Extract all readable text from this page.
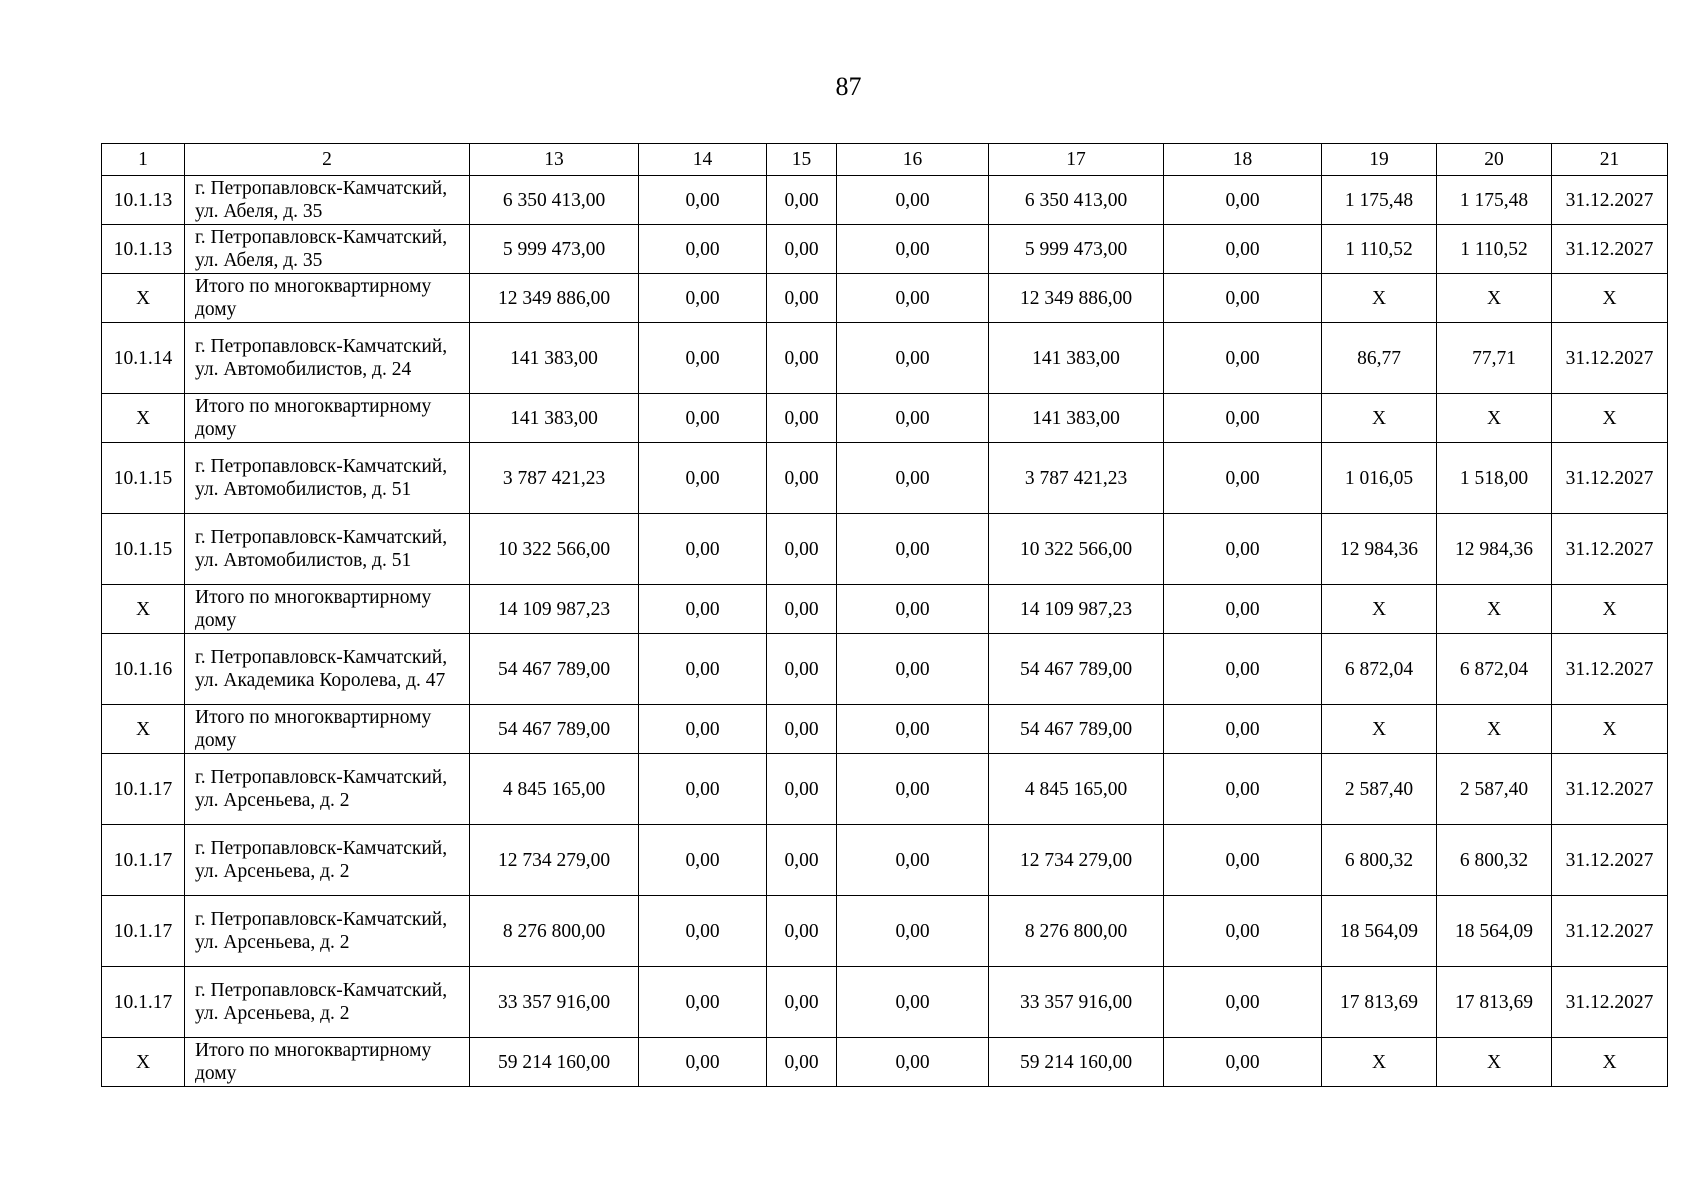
87
1	2	13	14	15	16	17	18	19	20	21
10.1.13	г. Петропавловск-Камчатский, ул. Абеля, д. 35	6 350 413,00	0,00	0,00	0,00	6 350 413,00	0,00	1 175,48	1 175,48	31.12.2027
10.1.13	г. Петропавловск-Камчатский, ул. Абеля, д. 35	5 999 473,00	0,00	0,00	0,00	5 999 473,00	0,00	1 110,52	1 110,52	31.12.2027
Х	Итого по многоквартирному дому	12 349 886,00	0,00	0,00	0,00	12 349 886,00	0,00	Х	Х	Х
10.1.14	г. Петропавловск-Камчатский, ул. Автомобилистов, д. 24	141 383,00	0,00	0,00	0,00	141 383,00	0,00	86,77	77,71	31.12.2027
Х	Итого по многоквартирному дому	141 383,00	0,00	0,00	0,00	141 383,00	0,00	Х	Х	Х
10.1.15	г. Петропавловск-Камчатский, ул. Автомобилистов, д. 51	3 787 421,23	0,00	0,00	0,00	3 787 421,23	0,00	1 016,05	1 518,00	31.12.2027
10.1.15	г. Петропавловск-Камчатский, ул. Автомобилистов, д. 51	10 322 566,00	0,00	0,00	0,00	10 322 566,00	0,00	12 984,36	12 984,36	31.12.2027
Х	Итого по многоквартирному дому	14 109 987,23	0,00	0,00	0,00	14 109 987,23	0,00	Х	Х	Х
10.1.16	г. Петропавловск-Камчатский, ул. Академика Королева, д. 47	54 467 789,00	0,00	0,00	0,00	54 467 789,00	0,00	6 872,04	6 872,04	31.12.2027
Х	Итого по многоквартирному дому	54 467 789,00	0,00	0,00	0,00	54 467 789,00	0,00	Х	Х	Х
10.1.17	г. Петропавловск-Камчатский, ул. Арсеньева, д. 2	4 845 165,00	0,00	0,00	0,00	4 845 165,00	0,00	2 587,40	2 587,40	31.12.2027
10.1.17	г. Петропавловск-Камчатский, ул. Арсеньева, д. 2	12 734 279,00	0,00	0,00	0,00	12 734 279,00	0,00	6 800,32	6 800,32	31.12.2027
10.1.17	г. Петропавловск-Камчатский, ул. Арсеньева, д. 2	8 276 800,00	0,00	0,00	0,00	8 276 800,00	0,00	18 564,09	18 564,09	31.12.2027
10.1.17	г. Петропавловск-Камчатский, ул. Арсеньева, д. 2	33 357 916,00	0,00	0,00	0,00	33 357 916,00	0,00	17 813,69	17 813,69	31.12.2027
Х	Итого по многоквартирному дому	59 214 160,00	0,00	0,00	0,00	59 214 160,00	0,00	Х	Х	Х
